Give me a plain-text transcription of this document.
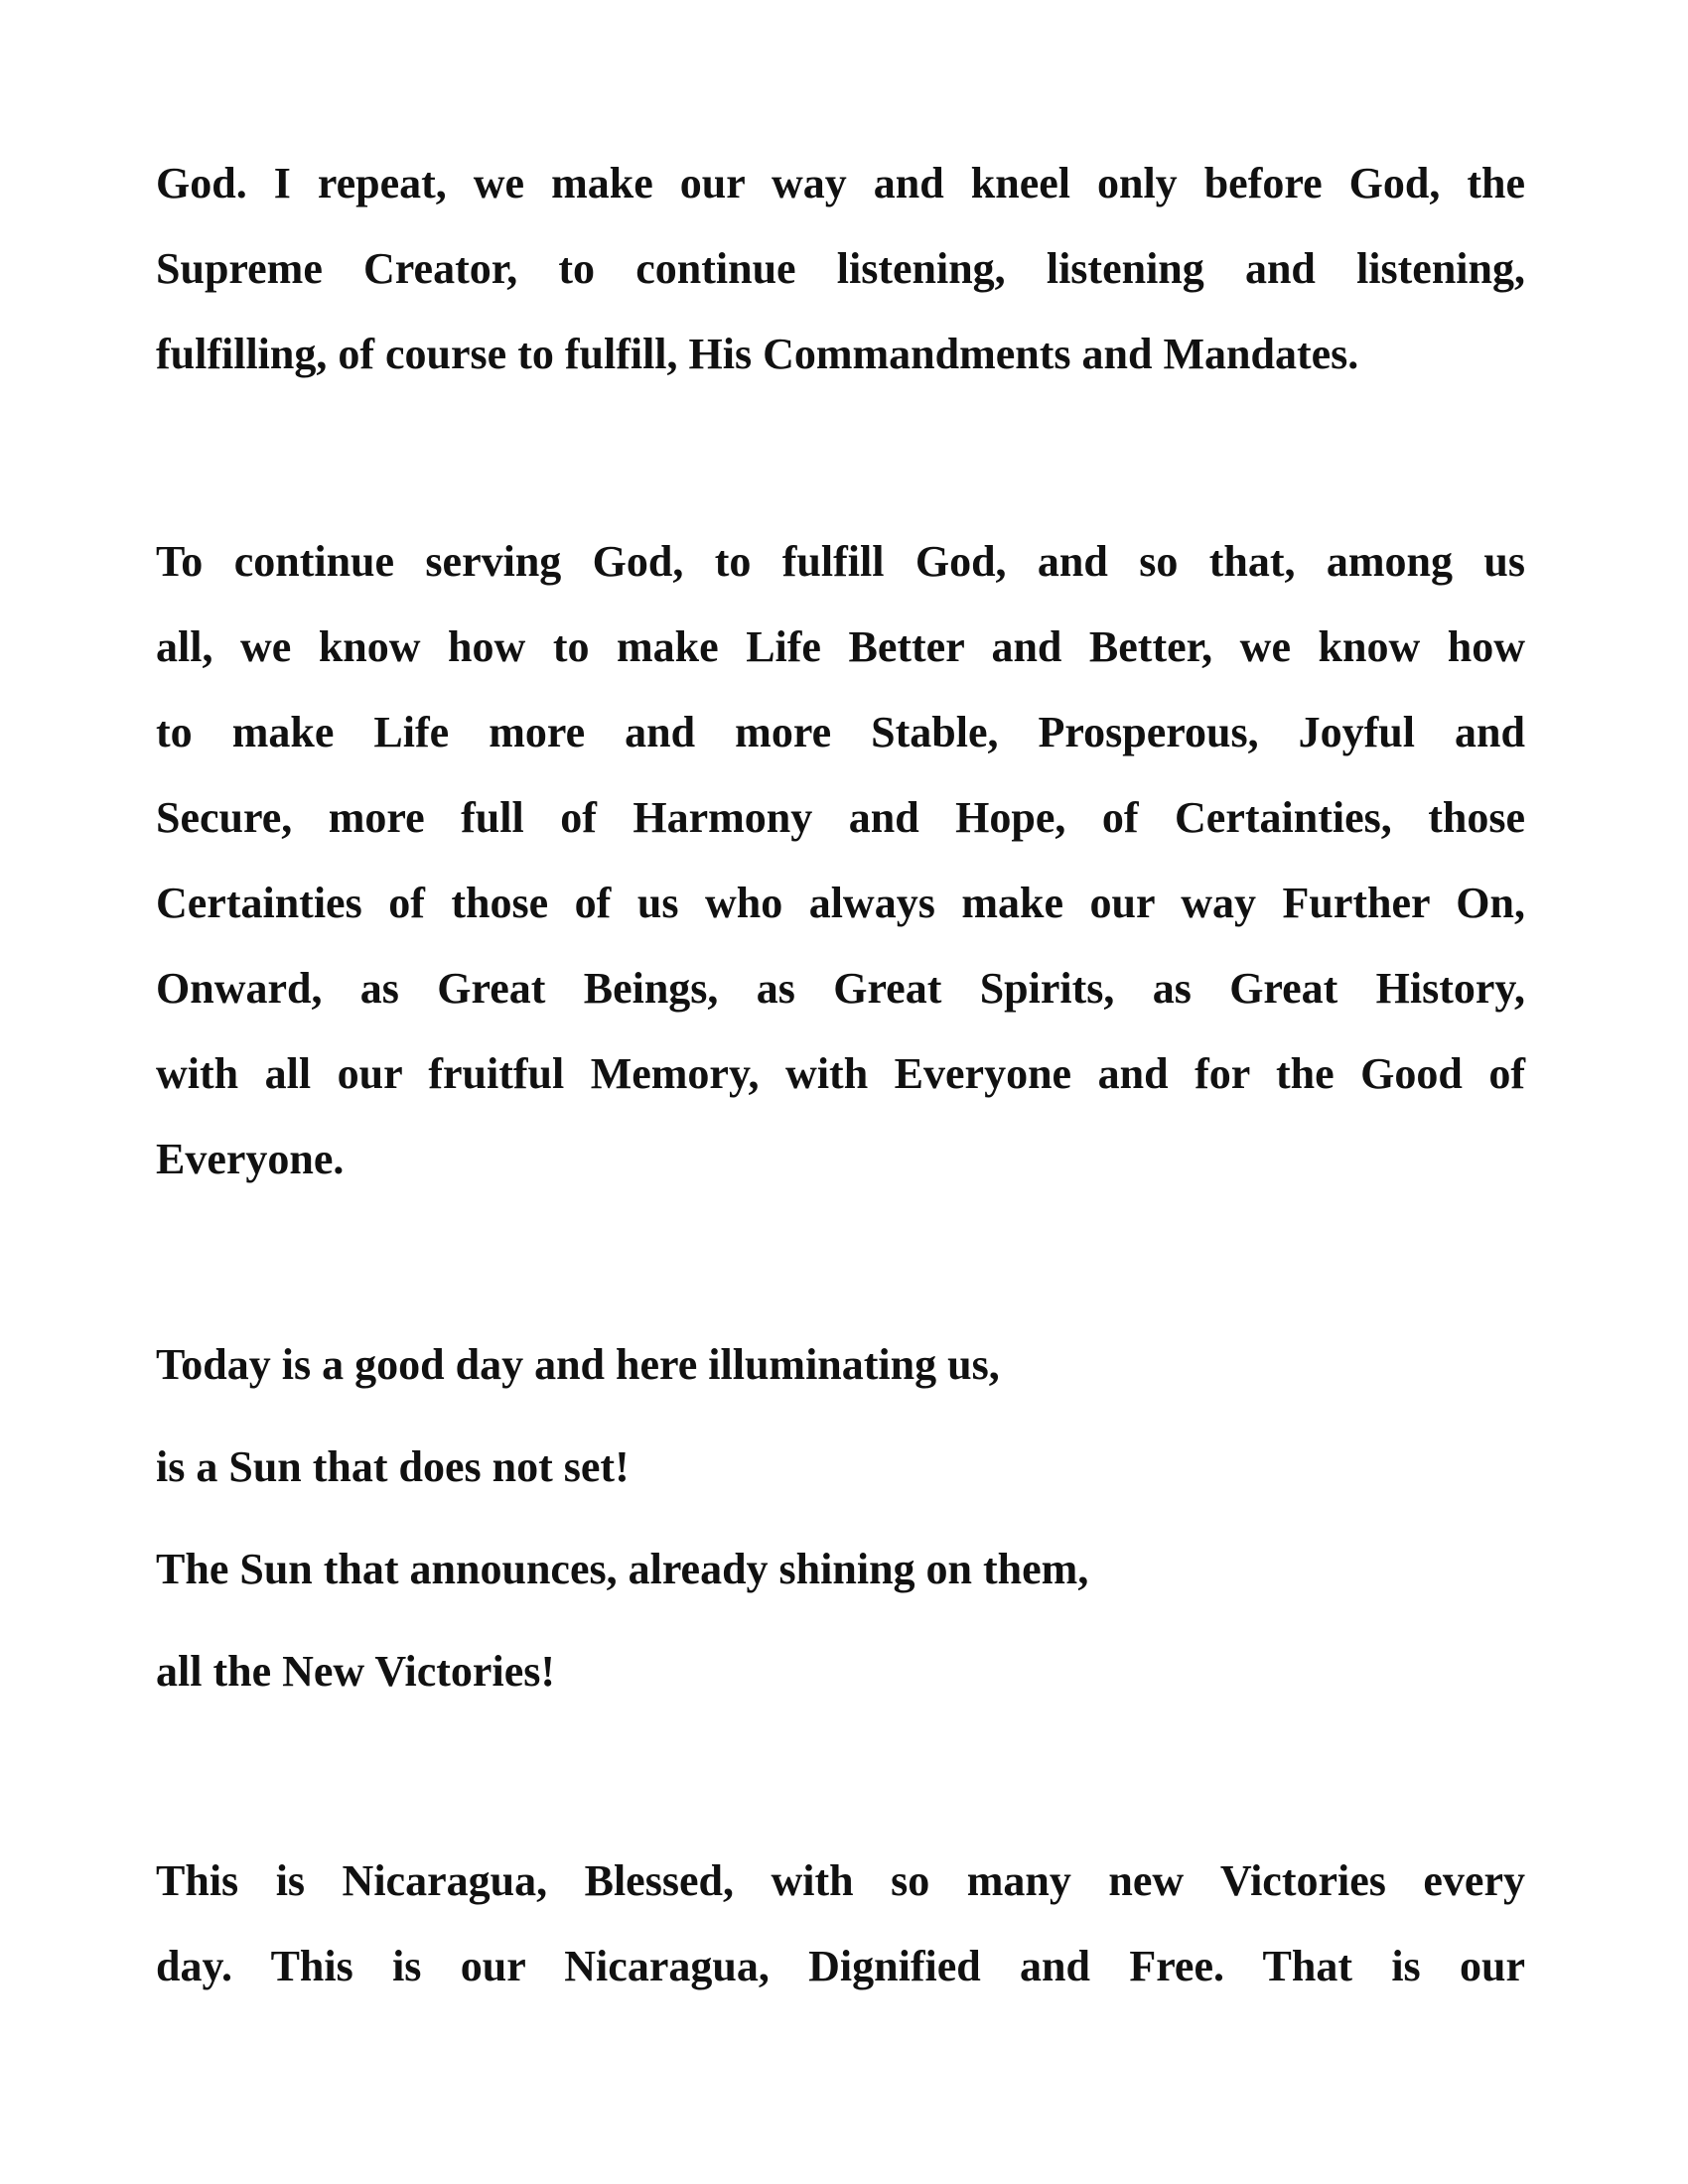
God. I repeat, we make our way and kneel only before God, the
Supreme Creator, to continue listening, listening and listening,
fulfilling, of course to fulfill, His Commandments and Mandates.
To continue serving God, to fulfill God, and so that, among us
all, we know how to make Life Better and Better, we know how
to make Life more and more Stable, Prosperous, Joyful and
Secure, more full of Harmony and Hope, of Certainties, those
Certainties of those of us who always make our way Further On,
Onward, as Great Beings, as Great Spirits, as Great History,
with all our fruitful Memory, with Everyone and for the Good of
Everyone.
Today is a good day and here illuminating us,
is a Sun that does not set!
The Sun that announces, already shining on them,
all the New Victories!
This is Nicaragua, Blessed, with so many new Victories every
day. This is our Nicaragua, Dignified and Free. That is our
